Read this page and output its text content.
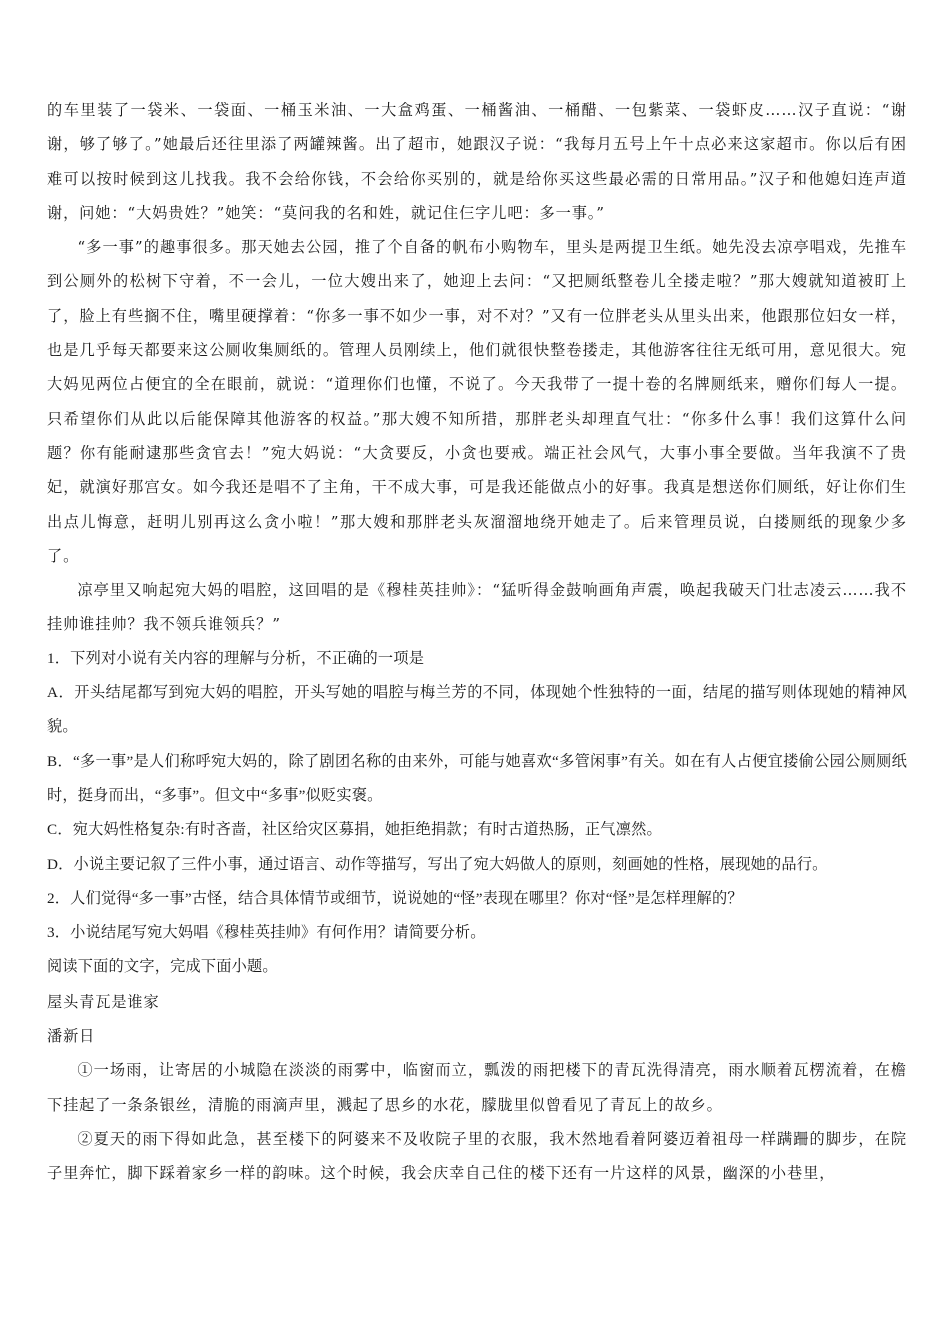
的车里装了一袋米、一袋面、一桶玉米油、一大盒鸡蛋、一桶酱油、一桶醋、一包紫菜、一袋虾皮……汉子直说：“谢谢，够了够了。”她最后还往里添了两罐辣酱。出了超市，她跟汉子说：“我每月五号上午十点必来这家超市。你以后有困难可以按时候到这儿找我。我不会给你钱，不会给你买别的，就是给你买这些最必需的日常用品。”汉子和他媳妇连声道谢，问她：“大妈贵姓？”她笑：“莫问我的名和姓，就记住仨字儿吧：多一事。”

“多一事”的趣事很多。那天她去公园，推了个自备的帆布小购物车，里头是两提卫生纸。她先没去凉亭唱戏，先推车到公厕外的松树下守着，不一会儿，一位大嫂出来了，她迎上去问：“又把厕纸整卷儿全搂走啦？”那大嫂就知道被盯上了，脸上有些搁不住，嘴里硬撑着：“你多一事不如少一事，对不对？”又有一位胖老头从里头出来，他跟那位妇女一样，也是几乎每天都要来这公厕收集厕纸的。管理人员刚续上，他们就很快整卷搂走，其他游客往往无纸可用，意见很大。宛大妈见两位占便宜的全在眼前，就说：“道理你们也懂，不说了。今天我带了一提十卷的名牌厕纸来，赠你们每人一提。只希望你们从此以后能保障其他游客的权益。”那大嫂不知所措，那胖老头却理直气壮：“你多什么事！我们这算什么问题？你有能耐逮那些贪官去！”宛大妈说：“大贪要反，小贪也要戒。端正社会风气，大事小事全要做。当年我演不了贵妃，就演好那宫女。如今我还是唱不了主角，干不成大事，可是我还能做点小的好事。我真是想送你们厕纸，好让你们生出点儿悔意，赶明儿别再这么贪小啦！”那大嫂和那胖老头灰溜溜地绕开她走了。后来管理员说，白搂厕纸的现象少多了。

凉亭里又响起宛大妈的唱腔，这回唱的是《穆桂英挂帅》：“猛听得金鼓响画角声震，唤起我破天门壮志凌云……我不挂帅谁挂帅？我不领兵谁领兵？”

1．下列对小说有关内容的理解与分析，不正确的一项是

A．开头结尾都写到宛大妈的唱腔，开头写她的唱腔与梅兰芳的不同，体现她个性独特的一面，结尾的描写则体现她的精神风貌。

B．“多一事”是人们称呼宛大妈的，除了剧团名称的由来外，可能与她喜欢“多管闲事”有关。如在有人占便宜搂偷公园公厕厕纸时，挺身而出，“多事”。但文中“多事”似贬实褒。

C．宛大妈性格复杂:有时吝啬，社区给灾区募捐，她拒绝捐款；有时古道热肠，正气凛然。

D．小说主要记叙了三件小事，通过语言、动作等描写，写出了宛大妈做人的原则，刻画她的性格，展现她的品行。

2．人们觉得“多一事”古怪，结合具体情节或细节，说说她的“怪”表现在哪里？你对“怪”是怎样理解的？

3．小说结尾写宛大妈唱《穆桂英挂帅》有何作用？请简要分析。

阅读下面的文字，完成下面小题。

屋头青瓦是谁家

潘新日

①一场雨，让寄居的小城隐在淡淡的雨雾中，临窗而立，瓢泼的雨把楼下的青瓦洗得清亮，雨水顺着瓦楞流着，在檐下挂起了一条条银丝，清脆的雨滴声里，溅起了思乡的水花，朦胧里似曾看见了青瓦上的故乡。

②夏天的雨下得如此急，甚至楼下的阿婆来不及收院子里的衣服，我木然地看着阿婆迈着祖母一样蹒跚的脚步，在院子里奔忙，脚下踩着家乡一样的韵味。这个时候，我会庆幸自己住的楼下还有一片这样的风景，幽深的小巷里，
